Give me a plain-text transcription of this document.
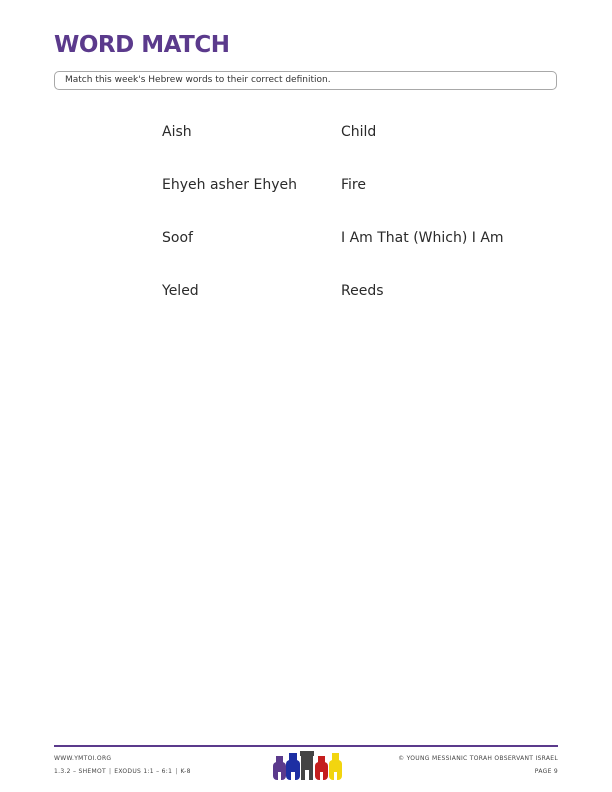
WORD MATCH
Match this week's Hebrew words to their correct definition.
Aish
Ehyeh asher Ehyeh
Soof
Yeled
Child
Fire
I Am That (Which) I Am
Reeds
WWW.YMTOI.ORG
1.3.2 – SHEMOT | EXODUS 1:1 – 6:1 | K-8
© YOUNG MESSIANIC TORAH OBSERVANT ISRAEL
PAGE 9
